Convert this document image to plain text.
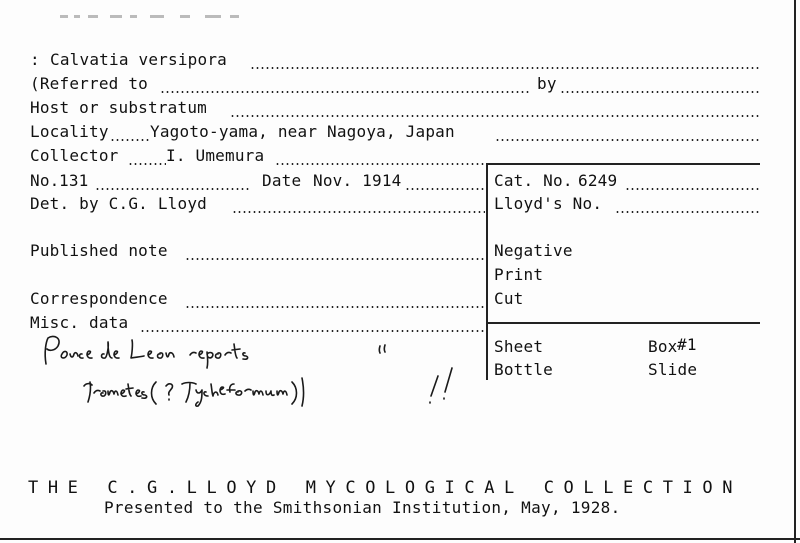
: Calvatia versipora
(Referred to	by
Host or substratum
Locality	Yagoto-yama, near Nagoya, Japan
Collector	I. Umemura
No. 131	Date Nov. 1914	Cat. No. 6249
Det. by C.G. Lloyd	Lloyd's No.
Published note	Negative
Print
Correspondence	Cut
Misc. data
Sheet	Box #1
Bottle	Slide
THE C.G.LLOYD MYCOLOGICAL COLLECTION
Presented to the Smithsonian Institution, May, 1928.
